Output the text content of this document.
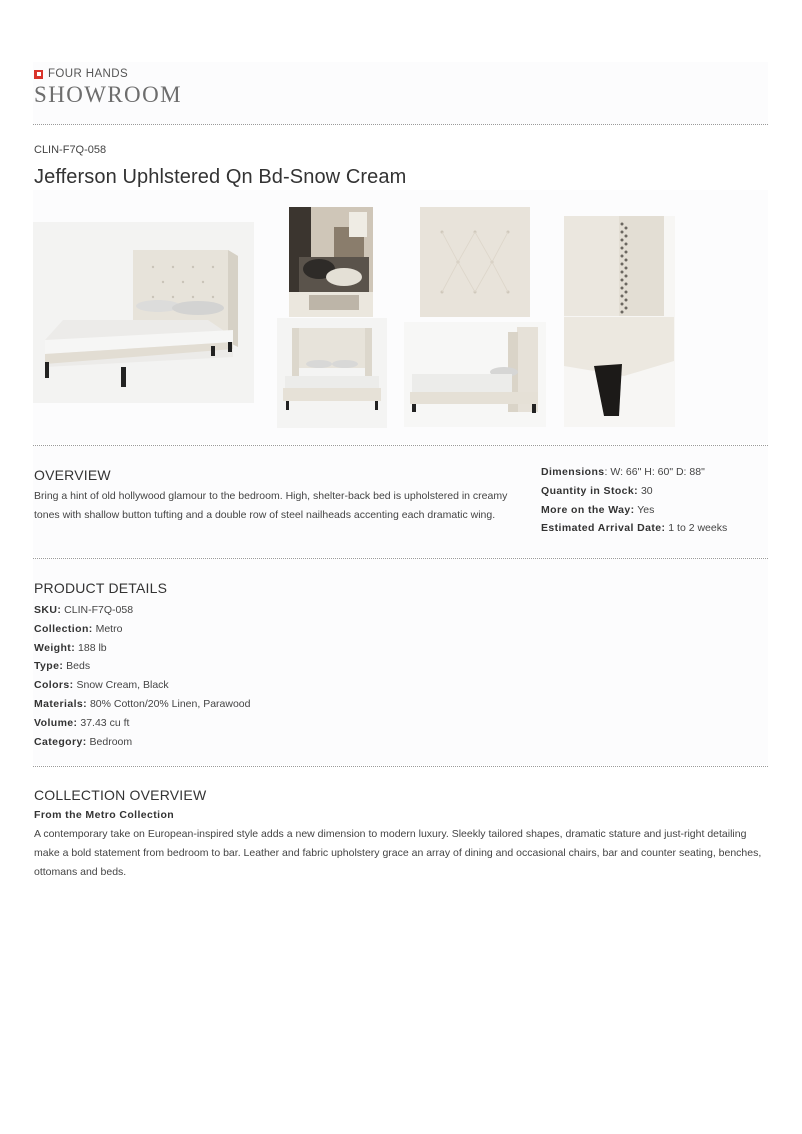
FOUR HANDS
SHOWROOM
CLIN-F7Q-058
Jefferson Uphlstered Qn Bd-Snow Cream
OVERVIEW
Bring a hint of old hollywood glamour to the bedroom. High, shelter-back bed is upholstered in creamy tones with shallow button tufting and a double row of steel nailheads accenting each dramatic wing.
Dimensions: W: 66" H: 60" D: 88"
Quantity in Stock: 30
More on the Way: Yes
Estimated Arrival Date: 1 to 2 weeks
PRODUCT DETAILS
SKU: CLIN-F7Q-058
Collection: Metro
Weight: 188 lb
Type: Beds
Colors: Snow Cream, Black
Materials: 80% Cotton/20% Linen, Parawood
Volume: 37.43 cu ft
Category: Bedroom
COLLECTION OVERVIEW
From the Metro Collection
A contemporary take on European-inspired style adds a new dimension to modern luxury. Sleekly tailored shapes, dramatic stature and just-right detailing make a bold statement from bedroom to bar. Leather and fabric upholstery grace an array of dining and occasional chairs, bar and counter seating, benches, ottomans and beds.
